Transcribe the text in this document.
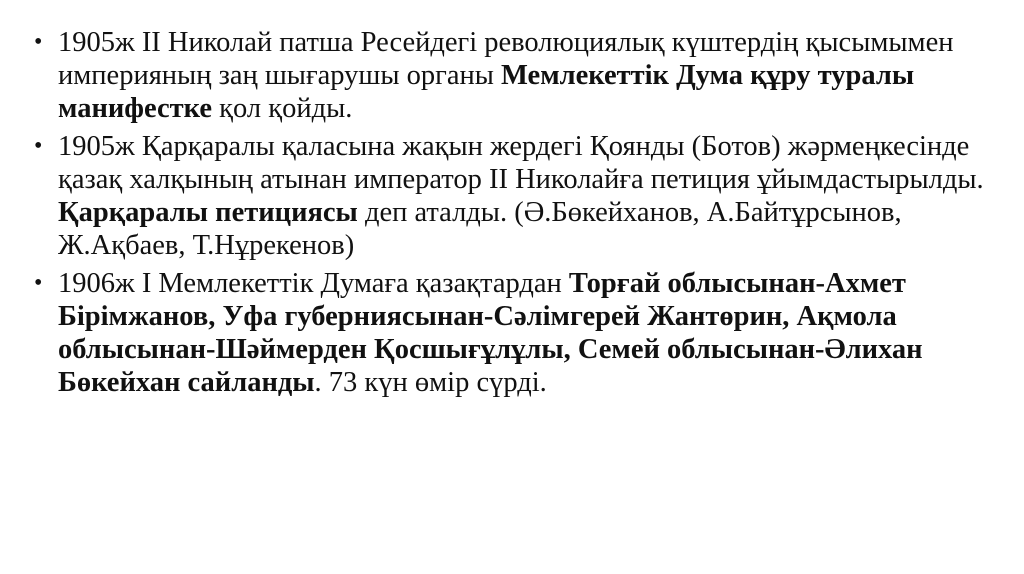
• 1905ж ІІ Николай патша Ресейдегі революциялық күштердің қысымымен империяның заң шығарушы органы Мемлекеттік Дума құру туралы манифестке қол қойды.
• 1905ж Қарқаралы қаласына жақын жердегі Қоянды (Ботов) жәрмеңкесінде қазақ халқының атынан император ІІ Николайға петиция ұйымдастырылды. Қарқаралы петициясы деп аталды. (Ә.Бөкейханов, А.Байтұрсынов, Ж.Ақбаев, Т.Нұрекенов)
• 1906ж І Мемлекеттік Думаға қазақтардан Торғай облысынан-Ахмет Бірімжанов, Уфа губерниясынан-Сәлімгерей Жантөрин, Ақмола облысынан-Шәймерден Қосшығұлұлы, Семей облысынан-Әлихан Бөкейхан сайланды. 73 күн өмір сүрді.
